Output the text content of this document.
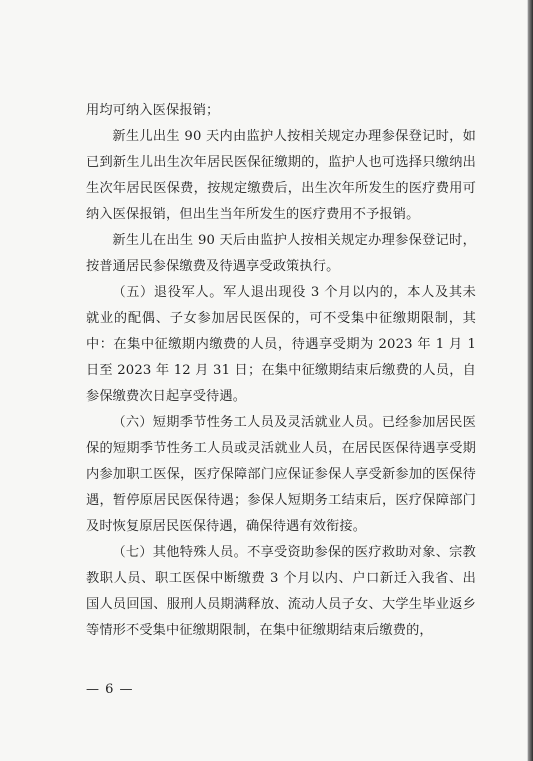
用均可纳入医保报销；

新生儿出生 90 天内由监护人按相关规定办理参保登记时，如已到新生儿出生次年居民医保征缴期的，监护人也可选择只缴纳出生次年居民医保费，按规定缴费后，出生次年所发生的医疗费用可纳入医保报销，但出生当年所发生的医疗费用不予报销。

新生儿在出生 90 天后由监护人按相关规定办理参保登记时，按普通居民参保缴费及待遇享受政策执行。

（五）退役军人。军人退出现役 3 个月以内的，本人及其未就业的配偶、子女参加居民医保的，可不受集中征缴期限制，其中：在集中征缴期内缴费的人员，待遇享受期为 2023 年 1 月 1 日至 2023 年 12 月 31 日；在集中征缴期结束后缴费的人员，自参保缴费次日起享受待遇。

（六）短期季节性务工人员及灵活就业人员。已经参加居民医保的短期季节性务工人员或灵活就业人员，在居民医保待遇享受期内参加职工医保，医疗保障部门应保证参保人享受新参加的医保待遇，暂停原居民医保待遇；参保人短期务工结束后，医疗保障部门及时恢复原居民医保待遇，确保待遇有效衔接。

（七）其他特殊人员。不享受资助参保的医疗救助对象、宗教教职人员、职工医保中断缴费 3 个月以内、户口新迁入我省、出国人员回国、服刑人员期满释放、流动人员子女、大学生毕业返乡等情形不受集中征缴期限制，在集中征缴期结束后缴费的，

— 6 —
